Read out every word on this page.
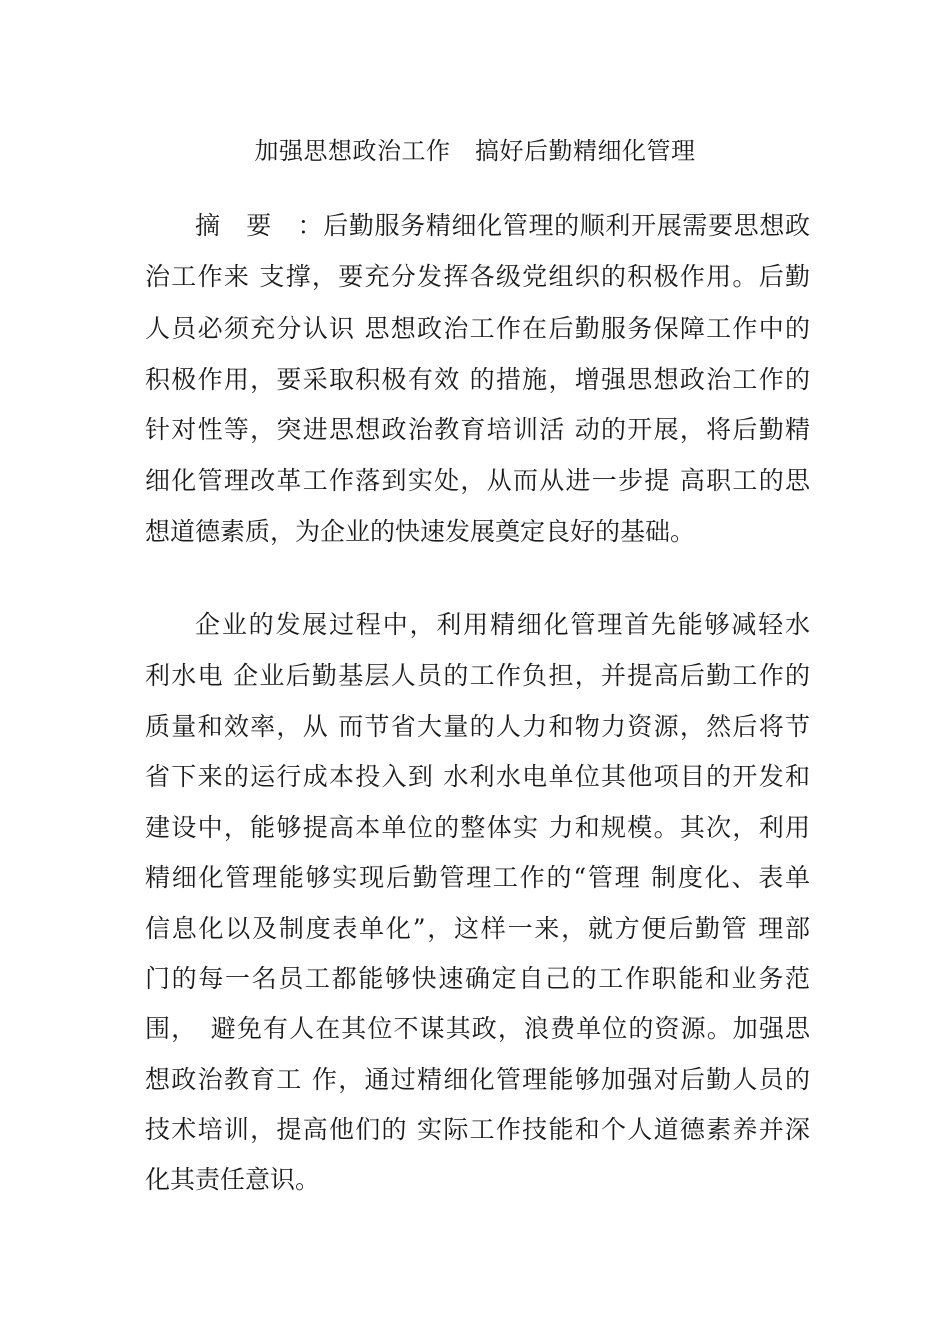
加强思想政治工作　搞好后勤精细化管理
摘　要　：后勤服务精细化管理的顺利开展需要思想政
治工作来 支撑，要充分发挥各级党组织的积极作用。后勤
人员必须充分认识 思想政治工作在后勤服务保障工作中的
积极作用，要采取积极有效 的措施，增强思想政治工作的
针对性等，突进思想政治教育培训活 动的开展，将后勤精
细化管理改革工作落到实处，从而从进一步提 高职工的思
想道德素质，为企业的快速发展奠定良好的基础。
企业的发展过程中，利用精细化管理首先能够减轻水
利水电 企业后勤基层人员的工作负担，并提高后勤工作的
质量和效率，从 而节省大量的人力和物力资源，然后将节
省下来的运行成本投入到 水利水电单位其他项目的开发和
建设中，能够提高本单位的整体实 力和规模。其次，利用
精细化管理能够实现后勤管理工作的“管理 制度化、表单
信息化以及制度表单化”，这样一来，就方便后勤管 理部
门的每一名员工都能够快速确定自己的工作职能和业务范
围，　避免有人在其位不谋其政，浪费单位的资源。加强思
想政治教育工 作，通过精细化管理能够加强对后勤人员的
技术培训，提高他们的 实际工作技能和个人道德素养并深
化其责任意识。
